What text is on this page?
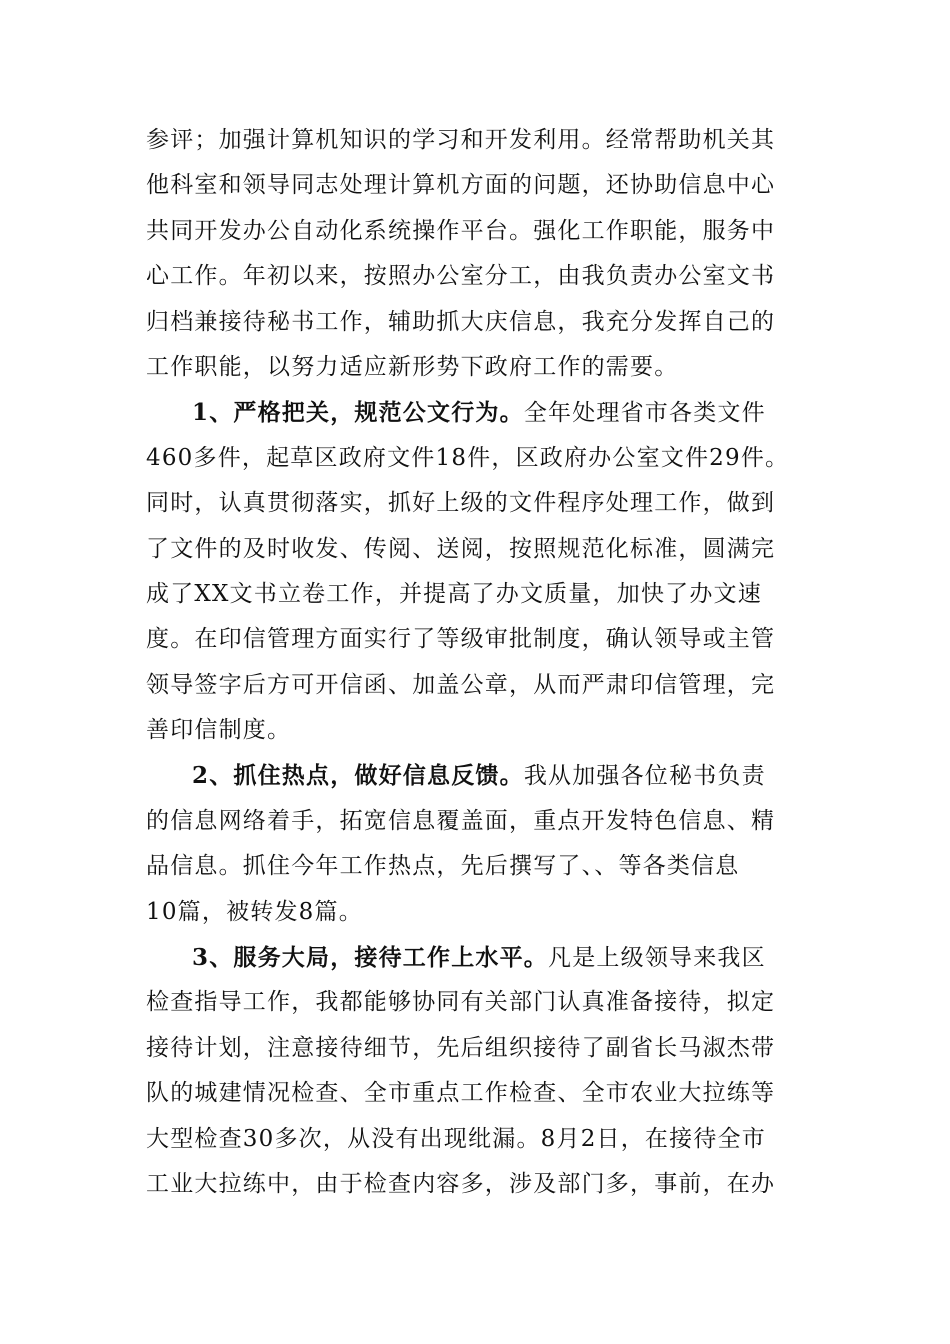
参评；加强计算机知识的学习和开发利用。经常帮助机关其
他科室和领导同志处理计算机方面的问题，还协助信息中心
共同开发办公自动化系统操作平台。强化工作职能，服务中
心工作。年初以来，按照办公室分工，由我负责办公室文书
归档兼接待秘书工作，辅助抓大庆信息，我充分发挥自己的
工作职能，以努力适应新形势下政府工作的需要。
1、严格把关，规范公文行为。全年处理省市各类文件
460多件，起草区政府文件18件，区政府办公室文件29件。
同时，认真贯彻落实，抓好上级的文件程序处理工作，做到
了文件的及时收发、传阅、送阅，按照规范化标准，圆满完
成了XX文书立卷工作，并提高了办文质量，加快了办文速
度。在印信管理方面实行了等级审批制度，确认领导或主管
领导签字后方可开信函、加盖公章，从而严肃印信管理，完
善印信制度。
2、抓住热点，做好信息反馈。我从加强各位秘书负责
的信息网络着手，拓宽信息覆盖面，重点开发特色信息、精
品信息。抓住今年工作热点，先后撰写了、、等各类信息
10篇，被转发8篇。
3、服务大局，接待工作上水平。凡是上级领导来我区
检查指导工作，我都能够协同有关部门认真准备接待，拟定
接待计划，注意接待细节，先后组织接待了副省长马淑杰带
队的城建情况检查、全市重点工作检查、全市农业大拉练等
大型检查30多次，从没有出现纰漏。8月2日，在接待全市
工业大拉练中，由于检查内容多，涉及部门多，事前，在办
